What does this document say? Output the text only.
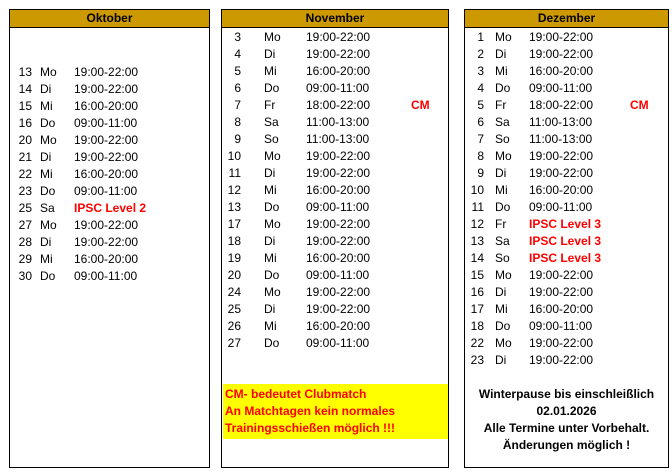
Oktober
13 Mo 19:00-22:00
14 Di 19:00-22:00
15 Mi 16:00-20:00
16 Do 09:00-11:00
20 Mo 19:00-22:00
21 Di 19:00-22:00
22 Mi 16:00-20:00
23 Do 09:00-11:00
25 Sa IPSC Level 2
27 Mo 19:00-22:00
28 Di 19:00-22:00
29 Mi 16:00-20:00
30 Do 09:00-11:00
November
3 Mo 19:00-22:00
4 Di	19:00-22:00
5 Mi 16:00-20:00
6 Do 09:00-11:00
7 Fr	18:00-22:00	CM
8 Sa 11:00-13:00
9 So 11:00-13:00
10 Mo 19:00-22:00
11 Di	19:00-22:00
12 Mi 16:00-20:00
13 Do 09:00-11:00
17 Mo 19:00-22:00
18 Di	19:00-22:00
19 Mi 16:00-20:00
20 Do 09:00-11:00
24 Mo 19:00-22:00
25 Di	19:00-22:00
26 Mi 16:00-20:00
27 Do 09:00-11:00
CM- bedeutet Clubmatch
An Matchtagen kein normales
Trainingsschießen möglich !!!
Dezember
1 Mo 19:00-22:00
2 Di 19:00-22:00
3 Mi 16:00-20:00
4 Do 09:00-11:00
5 Fr 18:00-22:00	CM
6 Sa 11:00-13:00
7 So 11:00-13:00
8 Mo 19:00-22:00
9 Di 19:00-22:00
10 Mi 16:00-20:00
11 Do 09:00-11:00
12 Fr IPSC Level 3
13 Sa IPSC Level 3
14 So IPSC Level 3
15 Mo 19:00-22:00
16 Di 19:00-22:00
17 Mi 16:00-20:00
18 Do 09:00-11:00
22 Mo 19:00-22:00
23 Di 19:00-22:00
Winterpause bis einschleißlich
02.01.2026
Alle Termine unter Vorbehalt.
Änderungen möglich !
